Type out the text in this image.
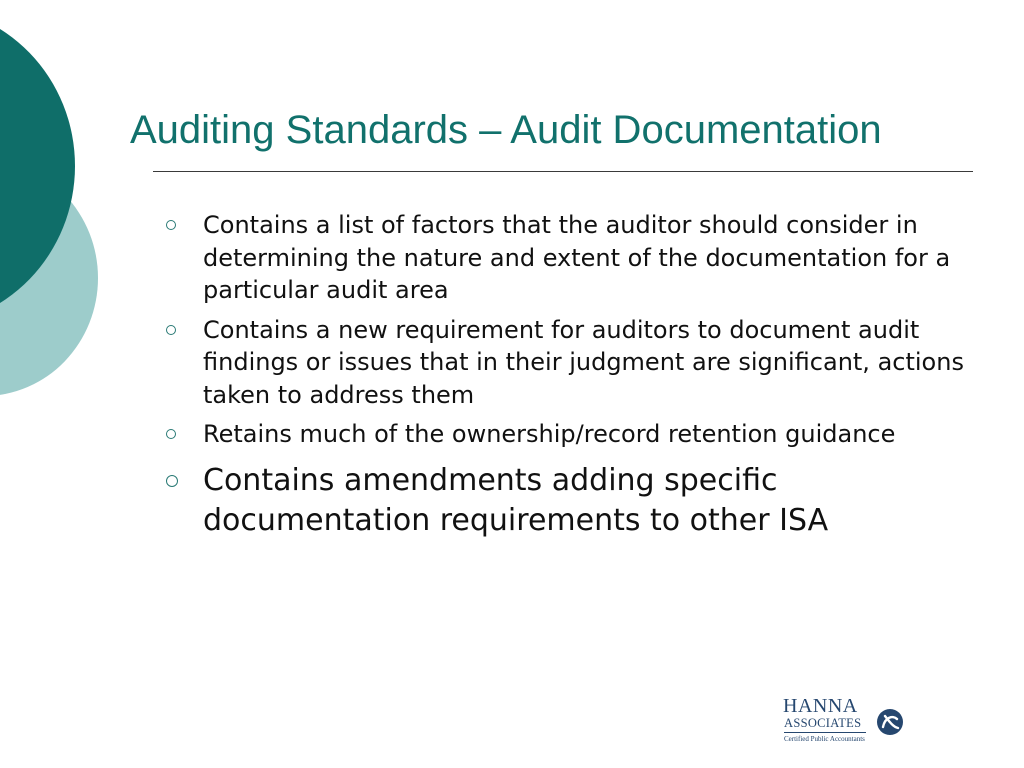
Auditing Standards – Audit Documentation
Contains a list of factors that the auditor should consider in determining the nature and extent of the documentation for a particular audit area
Contains a new requirement for auditors to document audit findings or issues that in their judgment are significant, actions taken to address them
Retains much of the ownership/record retention guidance
Contains amendments adding specific documentation requirements to other ISA
HANNA
ASSOCIATES
Certified Public Accountants
